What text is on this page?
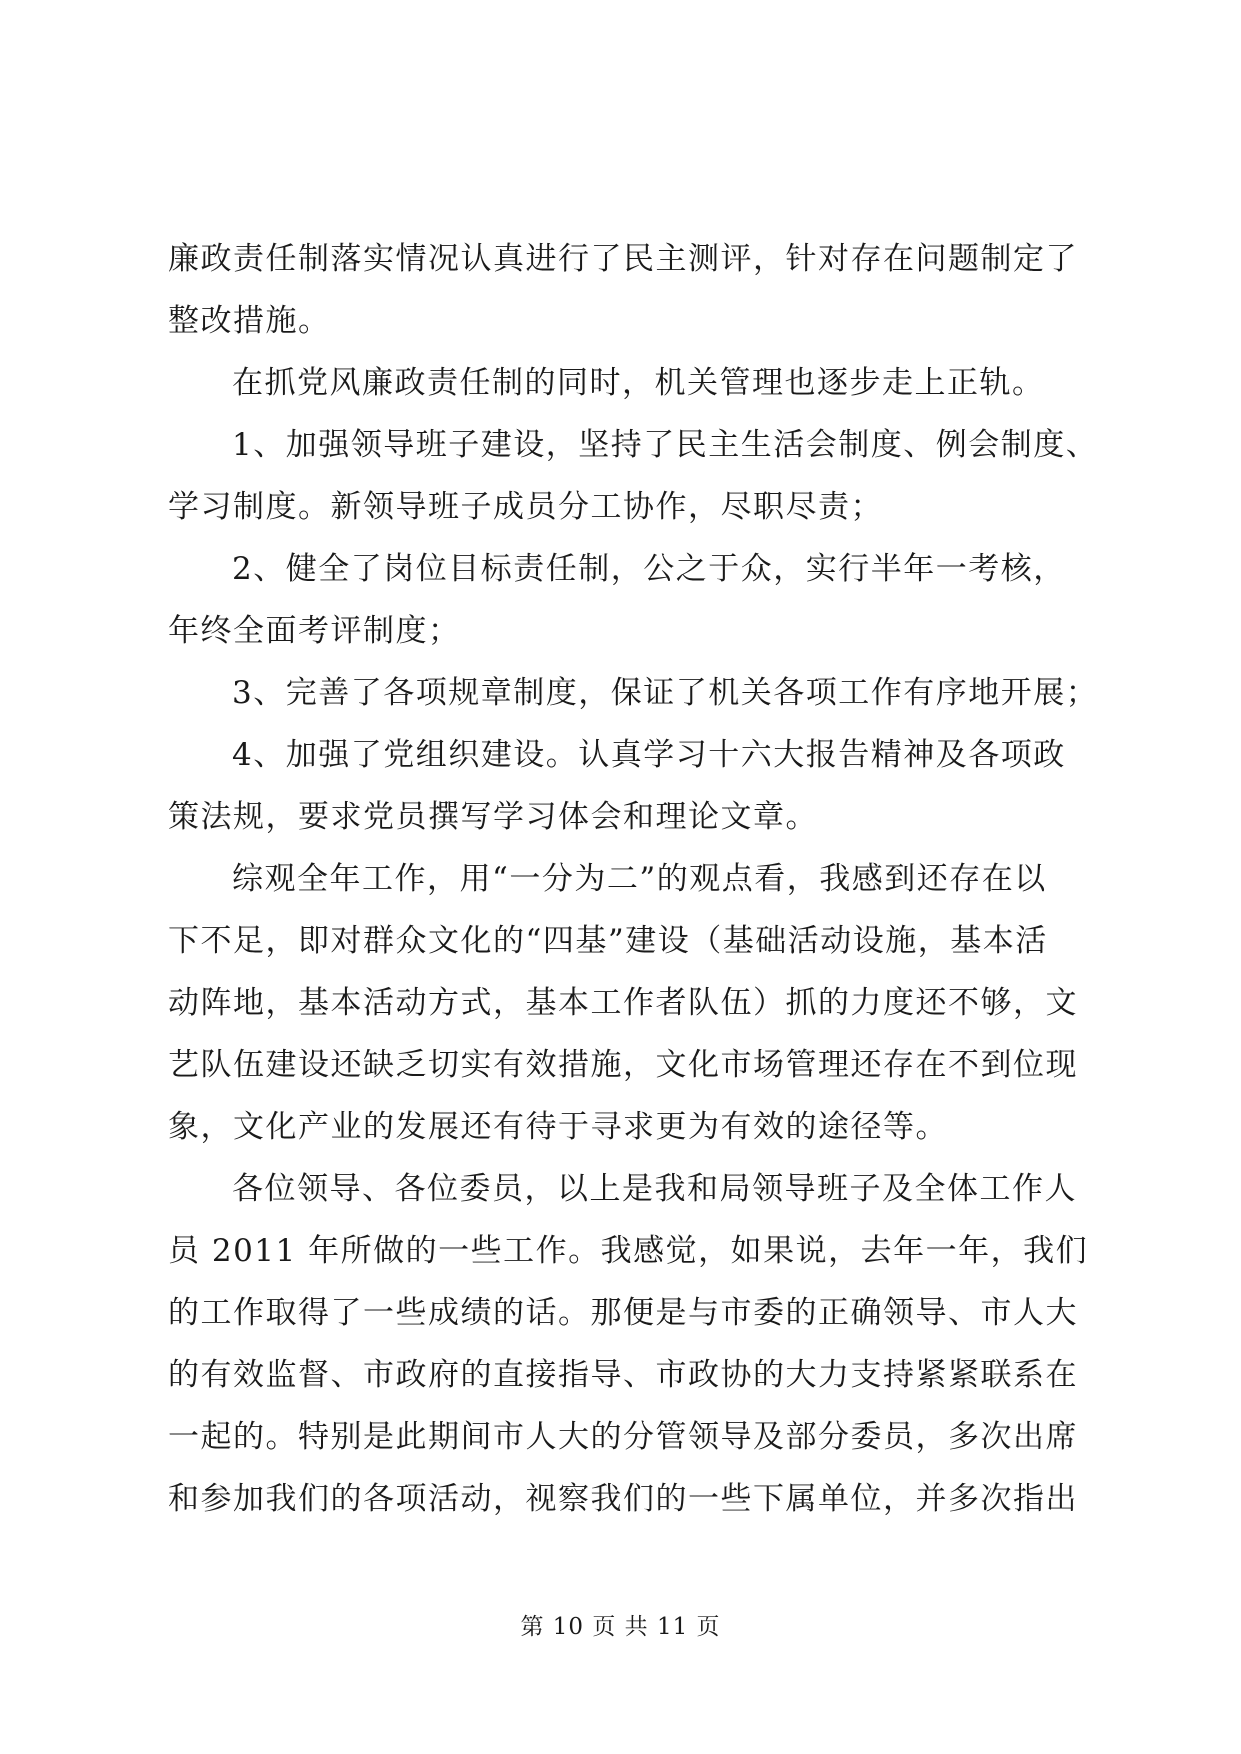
廉政责任制落实情况认真进行了民主测评，针对存在问题制定了
整改措施。
在抓党风廉政责任制的同时，机关管理也逐步走上正轨。
1、加强领导班子建设，坚持了民主生活会制度、例会制度、
学习制度。新领导班子成员分工协作，尽职尽责；
2、健全了岗位目标责任制，公之于众，实行半年一考核，
年终全面考评制度；
3、完善了各项规章制度，保证了机关各项工作有序地开展；
4、加强了党组织建设。认真学习十六大报告精神及各项政
策法规，要求党员撰写学习体会和理论文章。
综观全年工作，用“一分为二”的观点看，我感到还存在以
下不足，即对群众文化的“四基”建设（基础活动设施，基本活
动阵地，基本活动方式，基本工作者队伍）抓的力度还不够，文
艺队伍建设还缺乏切实有效措施，文化市场管理还存在不到位现
象，文化产业的发展还有待于寻求更为有效的途径等。
各位领导、各位委员，以上是我和局领导班子及全体工作人
员 2011 年所做的一些工作。我感觉，如果说，去年一年，我们
的工作取得了一些成绩的话。那便是与市委的正确领导、市人大
的有效监督、市政府的直接指导、市政协的大力支持紧紧联系在
一起的。特别是此期间市人大的分管领导及部分委员，多次出席
和参加我们的各项活动，视察我们的一些下属单位，并多次指出
第 10 页 共 11 页
